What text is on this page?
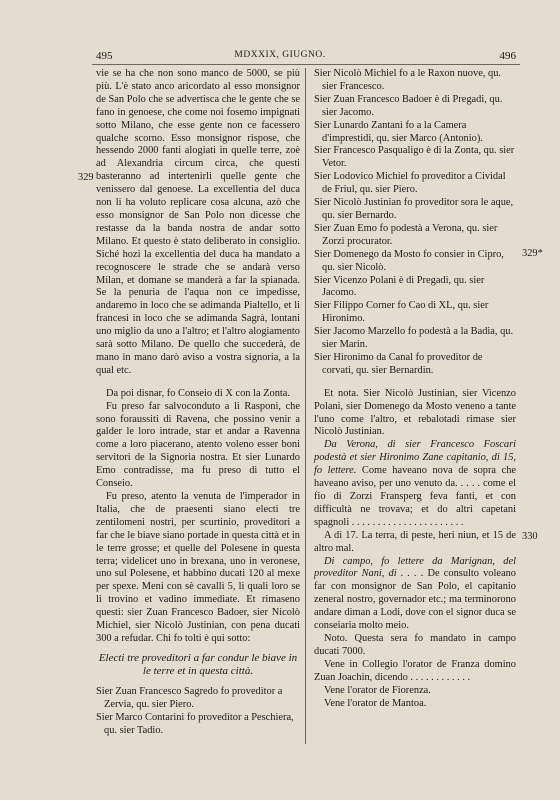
495	MDXXIX, GIUGNO.	496
329
329*
330

vie se ha che non sono manco de 5000, se più più. L'è stato anco aricordato al esso monsignor de San Polo che se advertisca che le gente che se fano in genoese, che come noi fosemo impignati sotto Milano, che esse gente non ce facessero qualche scorno. Esso monsignor rispose, che hessendo 2000 fanti alogiati in quelle terre, zoè ad Alexandria circum circa, che questi basteranno ad intertenirli quelle gente che venissero dal genoese. La excellentia del duca non li ha voluto replicare cosa alcuna, azò che esso monsignor de San Polo non dicesse che restasse da la banda nostra de andar sotto Milano. Et questo è stato deliberato in consiglio. Siché hozi la excellentia del duca ha mandato a recognoscere le strade che se andarà verso Milan, et domane se manderà a far la spianada. Se la penuria de l'aqua non ce impedisse, andaremo in loco che se adimanda Pialtello, et li francesi in loco che se adimanda Sagrà, lontani uno miglio da uno a l'altro; et l'altro alogiamento sarà sotto Milano. De quello che succederà, de mano in mano darò aviso a vostra signoria, a la qual etc.

Da poi disnar, fo Conseio di X con la Zonta.

Fu preso far salvoconduto a li Rasponi, che sono foraussiti di Ravena, che possino venir a galder le loro intrade, star et andar a Ravenna come a loro piacerano, atento voleno esser boni servitori de la Signoria nostra. Et sier Lunardo Emo contradisse, ma fu preso di tutto el Conseio.

Fu preso, atento la venuta de l'imperador in Italia, che de praesenti siano electi tre zentilomeni nostri, per scurtinio, proveditori a far che le biave siano portade in questa città et in le terre grosse; et quelle del Polesene in questa terra; videlicet uno in brexana, uno in veronese, uno sul Polesene, et habbino ducati 120 al mexe per spexe. Meni con sè cavalli 5, li quali loro se li trovino et vadino immediate. Et rimaseno questi: sier Zuan Francesco Badoer, sier Nicolò Michiel, sier Nicolò Justinian, con pena ducati 300 a refudar. Chi fo tolti è qui sotto:

Electi tre proveditori a far condur le biave in le terre et in questa città.

Sier Zuan Francesco Sagredo fo proveditor a Zervia, qu. sier Piero.

Sier Marco Contarini fo proveditor a Peschiera, qu. sier Tadio.

Sier Nicolò Michiel fo a le Raxon nuove, qu. sier Francesco.

Sier Zuan Francesco Badoer è di Pregadi, qu. sier Jacomo.

Sier Lunardo Zantani fo a la Camera d'imprestidi, qu. sier Marco (Antonio).

Sier Francesco Pasqualigo è di la Zonta, qu. sier Vetor.

Sier Lodovico Michiel fo proveditor a Cividal de Friul, qu. sier Piero.

Sier Nicolò Justinian fo proveditor sora le aque, qu. sier Bernardo.

Sier Zuan Emo fo podestà a Verona, qu. sier Zorzi procurator.

Sier Domenego da Mosto fo consier in Cipro, qu. sier Nicolò.

Sier Vicenzo Polani è di Pregadi, qu. sier Jacomo.

Sier Filippo Corner fo Cao di XL, qu. sier Hironimo.

Sier Jacomo Marzello fo podestà a la Badia, qu. sier Marin.

Sier Hironimo da Canal fo proveditor de corvati, qu. sier Bernardin.

Et nota. Sier Nicolò Justinian, sier Vicenzo Polani, sier Domenego da Mosto veneno a tante l'uno come l'altro, et rebalotadi rimase sier Nicolò Justinian.

Da Verona, di sier Francesco Foscari podestà et sier Hironimo Zane capitanio, di 15, fo lettere. Come haveano nova de sopra che haveano aviso, per uno venuto da. . . . . come el fio di Zorzi Fransperg feva fanti, et con difficultà ne trovava; et do altri capetani spagnoli . . . . . . . . . . . . . . . . . . . . . .

A dì 17. La terra, di peste, heri niun, et 15 de altro mal.

Di campo, fo lettere da Marignan, del proveditor Nani, di . . . . De consulto voleano far con monsignor de San Polo, el capitanio zeneral nostro, governador etc.; ma terminorono andare diman a Lodi, dove con el signor duca se conseiaria molto meio.

Noto. Questa sera fo mandato in campo ducati 7000.

Vene in Collegio l'orator de Franza domino Zuan Joachin, dicendo . . . . . . . . . . . .

Vene l'orator de Fiorenza.

Vene l'orator de Mantoa.
